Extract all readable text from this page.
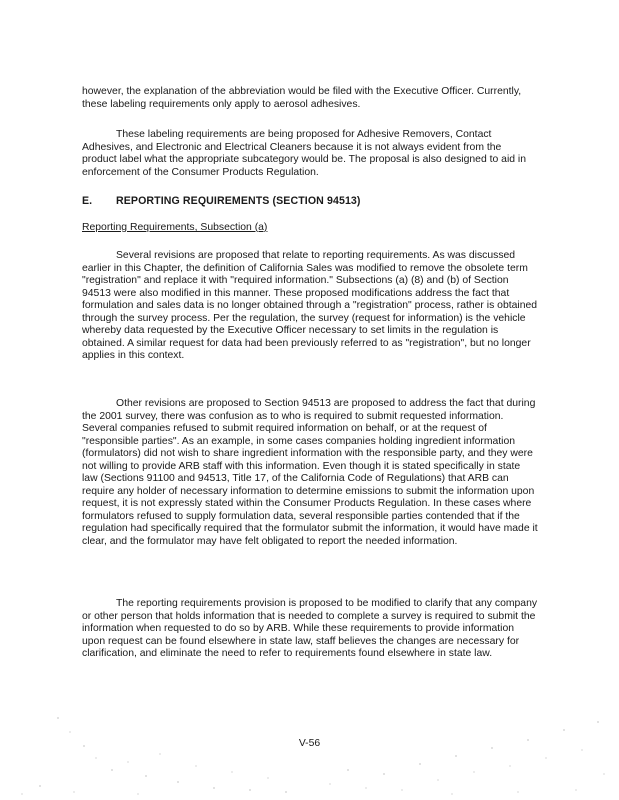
however, the explanation of the abbreviation would be filed with the Executive Officer. Currently, these labeling requirements only apply to aerosol adhesives.

These labeling requirements are being proposed for Adhesive Removers, Contact Adhesives, and Electronic and Electrical Cleaners because it is not always evident from the product label what the appropriate subcategory would be. The proposal is also designed to aid in enforcement of the Consumer Products Regulation.

E. REPORTING REQUIREMENTS (SECTION 94513)
Reporting Requirements, Subsection (a)

Several revisions are proposed that relate to reporting requirements. As was discussed earlier in this Chapter, the definition of California Sales was modified to remove the obsolete term "registration" and replace it with "required information." Subsections (a) (8) and (b) of Section 94513 were also modified in this manner. These proposed modifications address the fact that formulation and sales data is no longer obtained through a "registration" process, rather is obtained through the survey process. Per the regulation, the survey (request for information) is the vehicle whereby data requested by the Executive Officer necessary to set limits in the regulation is obtained. A similar request for data had been previously referred to as "registration", but no longer applies in this context.

Other revisions are proposed to Section 94513 are proposed to address the fact that during the 2001 survey, there was confusion as to who is required to submit requested information. Several companies refused to submit required information on behalf, or at the request of "responsible parties". As an example, in some cases companies holding ingredient information (formulators) did not wish to share ingredient information with the responsible party, and they were not willing to provide ARB staff with this information. Even though it is stated specifically in state law (Sections 91100 and 94513, Title 17, of the California Code of Regulations) that ARB can require any holder of necessary information to determine emissions to submit the information upon request, it is not expressly stated within the Consumer Products Regulation. In these cases where formulators refused to supply formulation data, several responsible parties contended that if the regulation had specifically required that the formulator submit the information, it would have made it clear, and the formulator may have felt obligated to report the needed information.

The reporting requirements provision is proposed to be modified to clarify that any company or other person that holds information that is needed to complete a survey is required to submit the information when requested to do so by ARB. While these requirements to provide information upon request can be found elsewhere in state law, staff believes the changes are necessary for clarification, and eliminate the need to refer to requirements found elsewhere in state law.

V-56
